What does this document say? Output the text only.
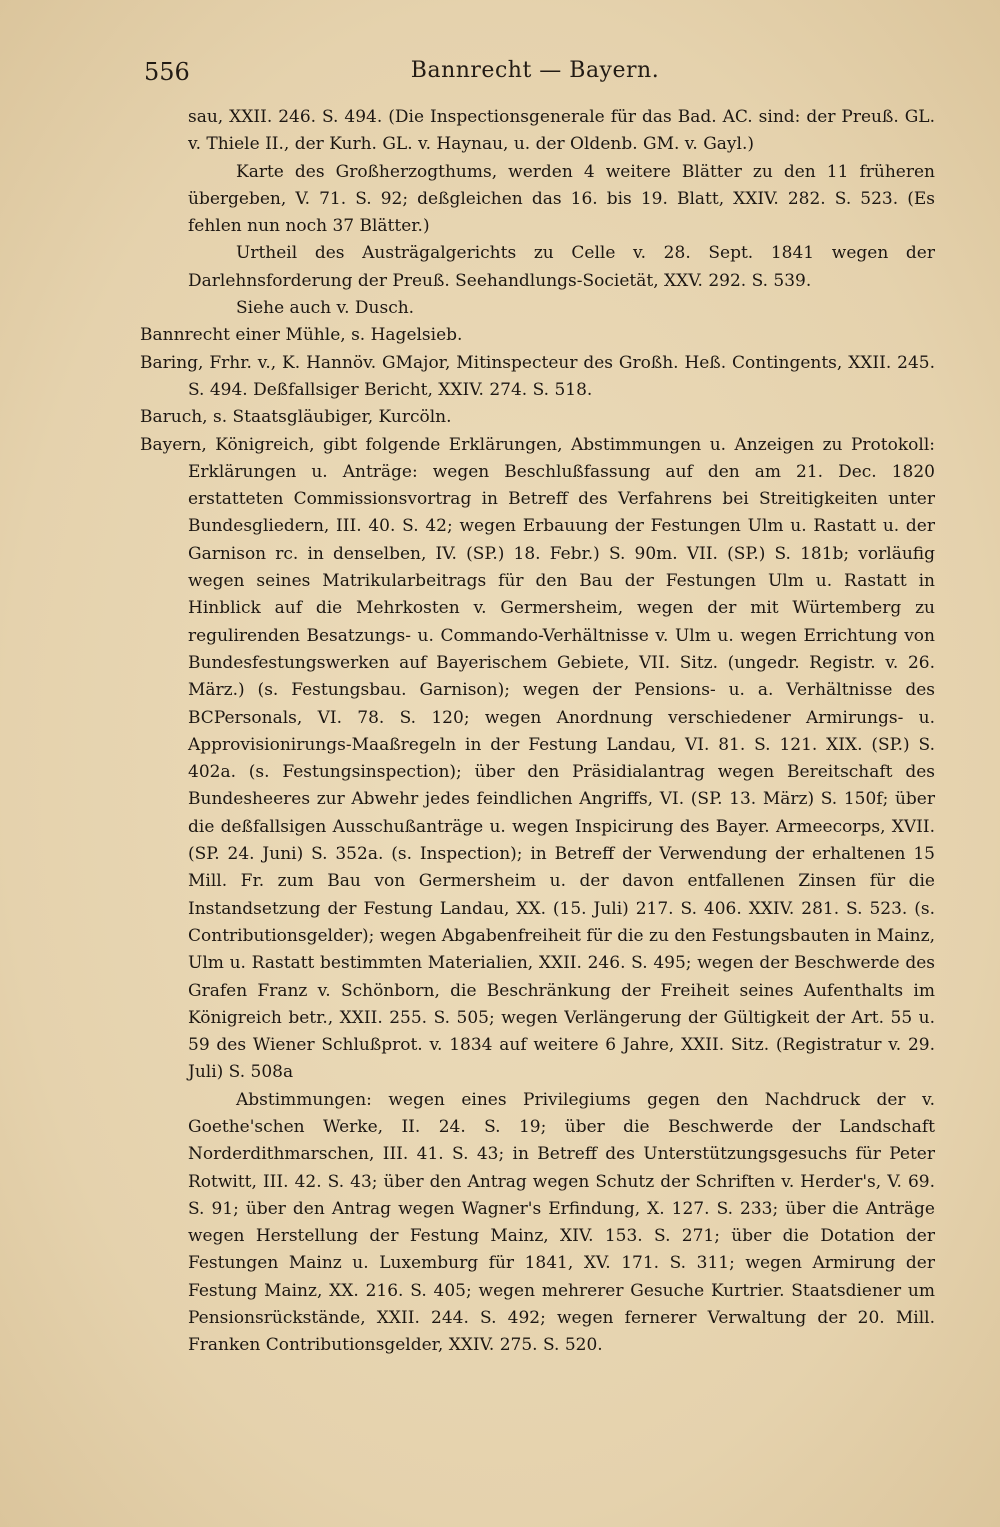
Bannrecht — Bayern.
556

sau, XXII. 246. S. 494. (Die Inspectionsgenerale für das Bad. AC. sind: der Preuß. GL. v. Thiele II., der Kurh. GL. v. Haynau, u. der Oldenb. GM. v. Gayl.)

Karte des Großherzogthums, werden 4 weitere Blätter zu den 11 früheren übergeben, V. 71. S. 92; deßgleichen das 16. bis 19. Blatt, XXIV. 282. S. 523. (Es fehlen nun noch 37 Blätter.)

Urtheil des Austrägalgerichts zu Celle v. 28. Sept. 1841 wegen der Darlehnsforderung der Preuß. Seehandlungs-Societät, XXV. 292. S. 539.

Siehe auch v. Dusch.

Bannrecht einer Mühle, s. Hagelsieb.

Baring, Frhr. v., K. Hannöv. GMajor, Mitinspecteur des Großh. Heß. Contingents, XXII. 245. S. 494. Deßfallsiger Bericht, XXIV. 274. S. 518.

Baruch, s. Staatsgläubiger, Kurcöln.

Bayern, Königreich, gibt folgende Erklärungen, Abstimmungen u. Anzeigen zu Protokoll: Erklärungen u. Anträge: wegen Beschlußfassung auf den am 21. Dec. 1820 erstatteten Commissionsvortrag in Betreff des Verfahrens bei Streitigkeiten unter Bundesgliedern, III. 40. S. 42; wegen Erbauung der Festungen Ulm u. Rastatt u. der Garnison rc. in denselben, IV. (SP.) 18. Febr.) S. 90m. VII. (SP.) S. 181b; vorläufig wegen seines Matrikularbeitrags für den Bau der Festungen Ulm u. Rastatt in Hinblick auf die Mehrkosten v. Germersheim, wegen der mit Würtemberg zu regulirenden Besatzungs- u. Commando-Verhältnisse v. Ulm u. wegen Errichtung von Bundesfestungswerken auf Bayerischem Gebiete, VII. Sitz. (ungedr. Registr. v. 26. März.) (s. Festungsbau. Garnison); wegen der Pensions- u. a. Verhältnisse des BCPersonals, VI. 78. S. 120; wegen Anordnung verschiedener Armirungs- u. Approvisionirungs-Maaßregeln in der Festung Landau, VI. 81. S. 121. XIX. (SP.) S. 402a. (s. Festungsinspection); über den Präsidialantrag wegen Bereitschaft des Bundesheeres zur Abwehr jedes feindlichen Angriffs, VI. (SP. 13. März) S. 150f; über die deßfallsigen Ausschußanträge u. wegen Inspicirung des Bayer. Armeecorps, XVII. (SP. 24. Juni) S. 352a. (s. Inspection); in Betreff der Verwendung der erhaltenen 15 Mill. Fr. zum Bau von Germersheim u. der davon entfallenen Zinsen für die Instandsetzung der Festung Landau, XX. (15. Juli) 217. S. 406. XXIV. 281. S. 523. (s. Contributionsgelder); wegen Abgabenfreiheit für die zu den Festungsbauten in Mainz, Ulm u. Rastatt bestimmten Materialien, XXII. 246. S. 495; wegen der Beschwerde des Grafen Franz v. Schönborn, die Beschränkung der Freiheit seines Aufenthalts im Königreich betr., XXII. 255. S. 505; wegen Verlängerung der Gültigkeit der Art. 55 u. 59 des Wiener Schlußprot. v. 1834 auf weitere 6 Jahre, XXII. Sitz. (Registratur v. 29. Juli) S. 508a

Abstimmungen: wegen eines Privilegiums gegen den Nachdruck der v. Goethe'schen Werke, II. 24. S. 19; über die Beschwerde der Landschaft Norderdithmarschen, III. 41. S. 43; in Betreff des Unterstützungsgesuchs für Peter Rotwitt, III. 42. S. 43; über den Antrag wegen Schutz der Schriften v. Herder's, V. 69. S. 91; über den Antrag wegen Wagner's Erfindung, X. 127. S. 233; über die Anträge wegen Herstellung der Festung Mainz, XIV. 153. S. 271; über die Dotation der Festungen Mainz u. Luxemburg für 1841, XV. 171. S. 311; wegen Armirung der Festung Mainz, XX. 216. S. 405; wegen mehrerer Gesuche Kurtrier. Staatsdiener um Pensionsrückstände, XXII. 244. S. 492; wegen fernerer Verwaltung der 20. Mill. Franken Contributionsgelder, XXIV. 275. S. 520.
